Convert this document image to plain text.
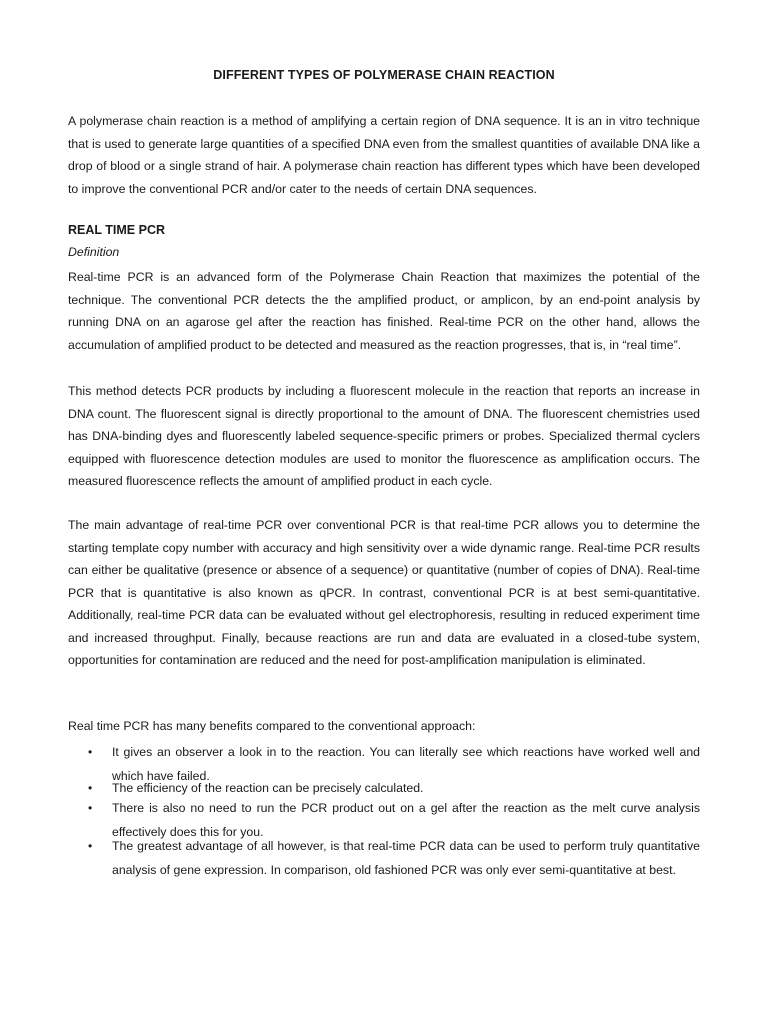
DIFFERENT TYPES OF POLYMERASE CHAIN REACTION

A polymerase chain reaction is a method of amplifying a certain region of DNA sequence. It is an in vitro technique that is used to generate large quantities of a specified DNA even from the smallest quantities of available DNA like a drop of blood or a single strand of hair. A polymerase chain reaction has different types which have been developed to improve the conventional PCR and/or cater to the needs of certain DNA sequences.

REAL TIME PCR

Definition

Real-time PCR is an advanced form of the Polymerase Chain Reaction that maximizes the potential of the technique. The conventional PCR detects the the amplified product, or amplicon, by an end-point analysis by running DNA on an agarose gel after the reaction has finished. Real-time PCR on the other hand, allows the accumulation of amplified product to be detected and measured as the reaction progresses, that is, in “real time”.

This method detects PCR products by including a fluorescent molecule in the reaction that reports an increase in DNA count. The fluorescent signal is directly proportional to the amount of DNA. The fluorescent chemistries used has DNA-binding dyes and fluorescently labeled sequence-specific primers or probes. Specialized thermal cyclers equipped with fluorescence detection modules are used to monitor the fluorescence as amplification occurs. The measured fluorescence reflects the amount of amplified product in each cycle.

The main advantage of real-time PCR over conventional PCR is that real-time PCR allows you to determine the starting template copy number with accuracy and high sensitivity over a wide dynamic range. Real-time PCR results can either be qualitative (presence or absence of a sequence) or quantitative (number of copies of DNA). Real-time PCR that is quantitative is also known as qPCR. In contrast, conventional PCR is at best semi-quantitative. Additionally, real-time PCR data can be evaluated without gel electrophoresis, resulting in reduced experiment time and increased throughput. Finally, because reactions are run and data are evaluated in a closed-tube system, opportunities for contamination are reduced and the need for post-amplification manipulation is eliminated.

Real time PCR has many benefits compared to the conventional approach:

• It gives an observer a look in to the reaction. You can literally see which reactions have worked well and which have failed.
• The efficiency of the reaction can be precisely calculated.
• There is also no need to run the PCR product out on a gel after the reaction as the melt curve analysis effectively does this for you.
• The greatest advantage of all however, is that real-time PCR data can be used to perform truly quantitative analysis of gene expression. In comparison, old fashioned PCR was only ever semi-quantitative at best.
